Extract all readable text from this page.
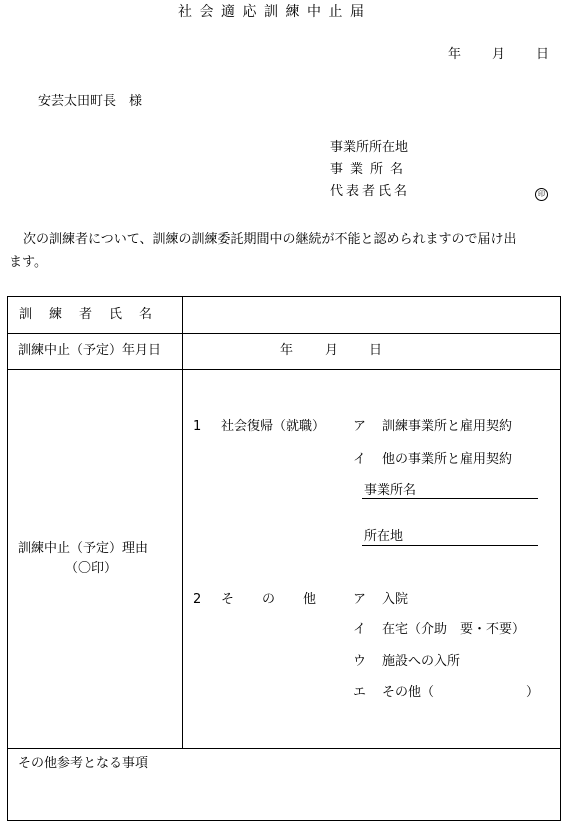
社会適応訓練中止届
年 月 日
安芸太田町長　様
事業所所在地
事業所名
代表者氏名	印
次の訓練者について、訓練の訓練委託期間中の継続が不能と認められますので届け出
ます。
訓練者氏名
訓練中止（予定）年月日	年 月 日
訓練中止（予定）理由
（〇印）
1 社会復帰（就職） ア 訓練事業所と雇用契約
イ 他の事業所と雇用契約
事業所名
所在地
2 その他 ア 入院
イ 在宅（介助　要・不要）
ウ 施設への入所
エ その他（	）
その他参考となる事項
